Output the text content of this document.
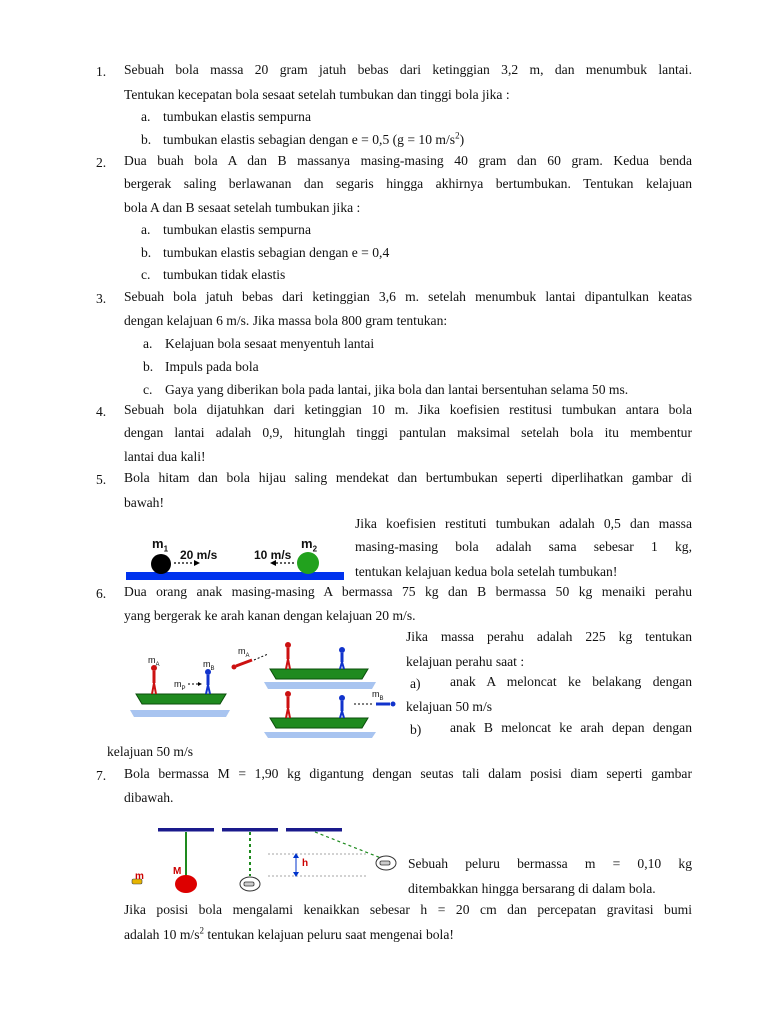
1. Sebuah bola massa 20 gram jatuh bebas dari ketinggian 3,2 m, dan menumbuk lantai.
Tentukan kecepatan bola sesaat setelah tumbukan dan tinggi bola jika :
a. tumbukan elastis sempurna
b. tumbukan elastis sebagian dengan e = 0,5 (g = 10 $m/s^2$)
2. Dua buah bola A dan B massanya masing-masing 40 gram dan 60 gram. Kedua benda
bergerak saling berlawanan dan segaris hingga akhirnya bertumbukan. Tentukan kelajuan
bola A dan B sesaat setelah tumbukan jika :
a. tumbukan elastis sempurna
b. tumbukan elastis sebagian dengan e = 0,4
c. tumbukan tidak elastis
3. Sebuah bola jatuh bebas dari ketinggian 3,6 m. setelah menumbuk lantai dipantulkan keatas
dengan kelajuan 6 m/s. Jika massa bola 800 gram tentukan:
a. Kelajuan bola sesaat menyentuh lantai
b. Impuls pada bola
c. Gaya yang diberikan bola pada lantai, jika bola dan lantai bersentuhan selama 50 ms.
4. Sebuah bola dijatuhkan dari ketinggian 10 m. Jika koefisien restitusi tumbukan antara bola
dengan lantai adalah 0,9, hitunglah tinggi pantulan maksimal setelah bola itu membentur
lantai dua kali!
5. Bola hitam dan bola hijau saling mendekat dan bertumbukan seperti diperlihatkan gambar di
bawah!
Jika koefisien restituti tumbukan adalah 0,5 dan massa
masing-masing bola adalah sama sebesar 1 kg,
tentukan kelajuan kedua bola setelah tumbukan!
$m_1$ 20 m/s	10 m/s
$m_2$
6. Dua orang anak masing-masing A bermassa 75 kg dan B bermassa 50 kg menaiki perahu
yang bergerak ke arah kanan dengan kelajuan 20 m/s.
Jika massa perahu adalah 225 kg tentukan
kelajuan perahu saat :
a) anak A meloncat ke belakang dengan
kelajuan 50 m/s
b) anak B meloncat ke arah depan dengan
kelajuan 50 m/s
$m_A$	$m_B$
$m_P$
$m_A$
$m_B$
7. Bola bermassa M = 1,90 kg digantung dengan seutas tali dalam posisi diam seperti gambar
dibawah.
Sebuah peluru bermassa m = 0,10 kg
ditembakkan hingga bersarang di dalam bola.
Jika posisi bola mengalami kenaikkan sebesar h = 20 cm dan percepatan gravitasi bumi
adalah 10 $m/s^2$ tentukan kelajuan peluru saat mengenai bola!
m	M
h
